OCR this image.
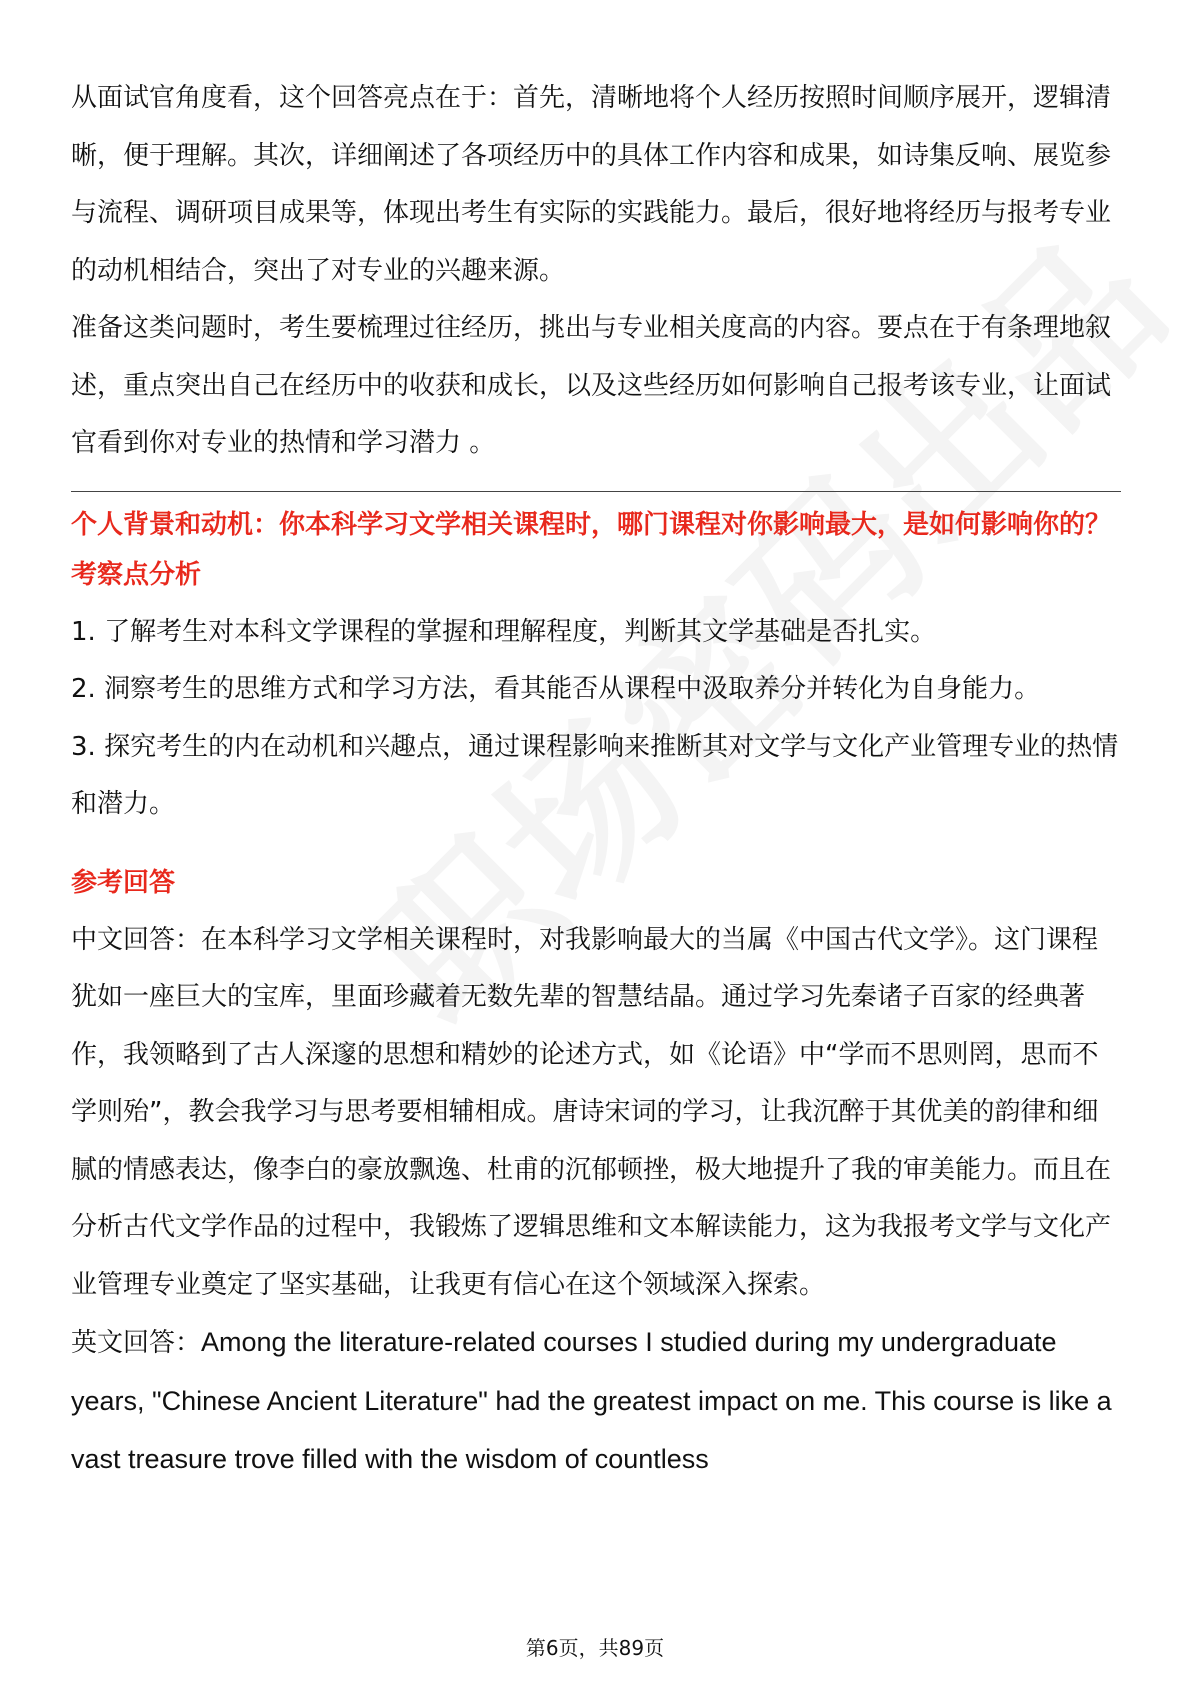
从面试官角度看，这个回答亮点在于：首先，清晰地将个人经历按照时间顺序展开，逻辑清晰，便于理解。其次，详细阐述了各项经历中的具体工作内容和成果，如诗集反响、展览参与流程、调研项目成果等，体现出考生有实际的实践能力。最后，很好地将经历与报考专业的动机相结合，突出了对专业的兴趣来源。

准备这类问题时，考生要梳理过往经历，挑出与专业相关度高的内容。要点在于有条理地叙述，重点突出自己在经历中的收获和成长，以及这些经历如何影响自己报考该专业，让面试官看到你对专业的热情和学习潜力 。

个人背景和动机：你本科学习文学相关课程时，哪门课程对你影响最大，是如何影响你的？

考察点分析

1. 了解考生对本科文学课程的掌握和理解程度，判断其文学基础是否扎实。

2. 洞察考生的思维方式和学习方法，看其能否从课程中汲取养分并转化为自身能力。

3. 探究考生的内在动机和兴趣点，通过课程影响来推断其对文学与文化产业管理专业的热情和潜力。

参考回答

中文回答：在本科学习文学相关课程时，对我影响最大的当属《中国古代文学》。这门课程犹如一座巨大的宝库，里面珍藏着无数先辈的智慧结晶。通过学习先秦诸子百家的经典著作，我领略到了古人深邃的思想和精妙的论述方式，如《论语》中“学而不思则罔，思而不学则殆”，教会我学习与思考要相辅相成。唐诗宋词的学习，让我沉醉于其优美的韵律和细腻的情感表达，像李白的豪放飘逸、杜甫的沉郁顿挫，极大地提升了我的审美能力。而且在分析古代文学作品的过程中，我锻炼了逻辑思维和文本解读能力，这为我报考文学与文化产业管理专业奠定了坚实基础，让我更有信心在这个领域深入探索。

英文回答：Among the literature-related courses I studied during my undergraduate years, "Chinese Ancient Literature" had the greatest impact on me. This course is like a vast treasure trove filled with the wisdom of countless

第6页，共89页
